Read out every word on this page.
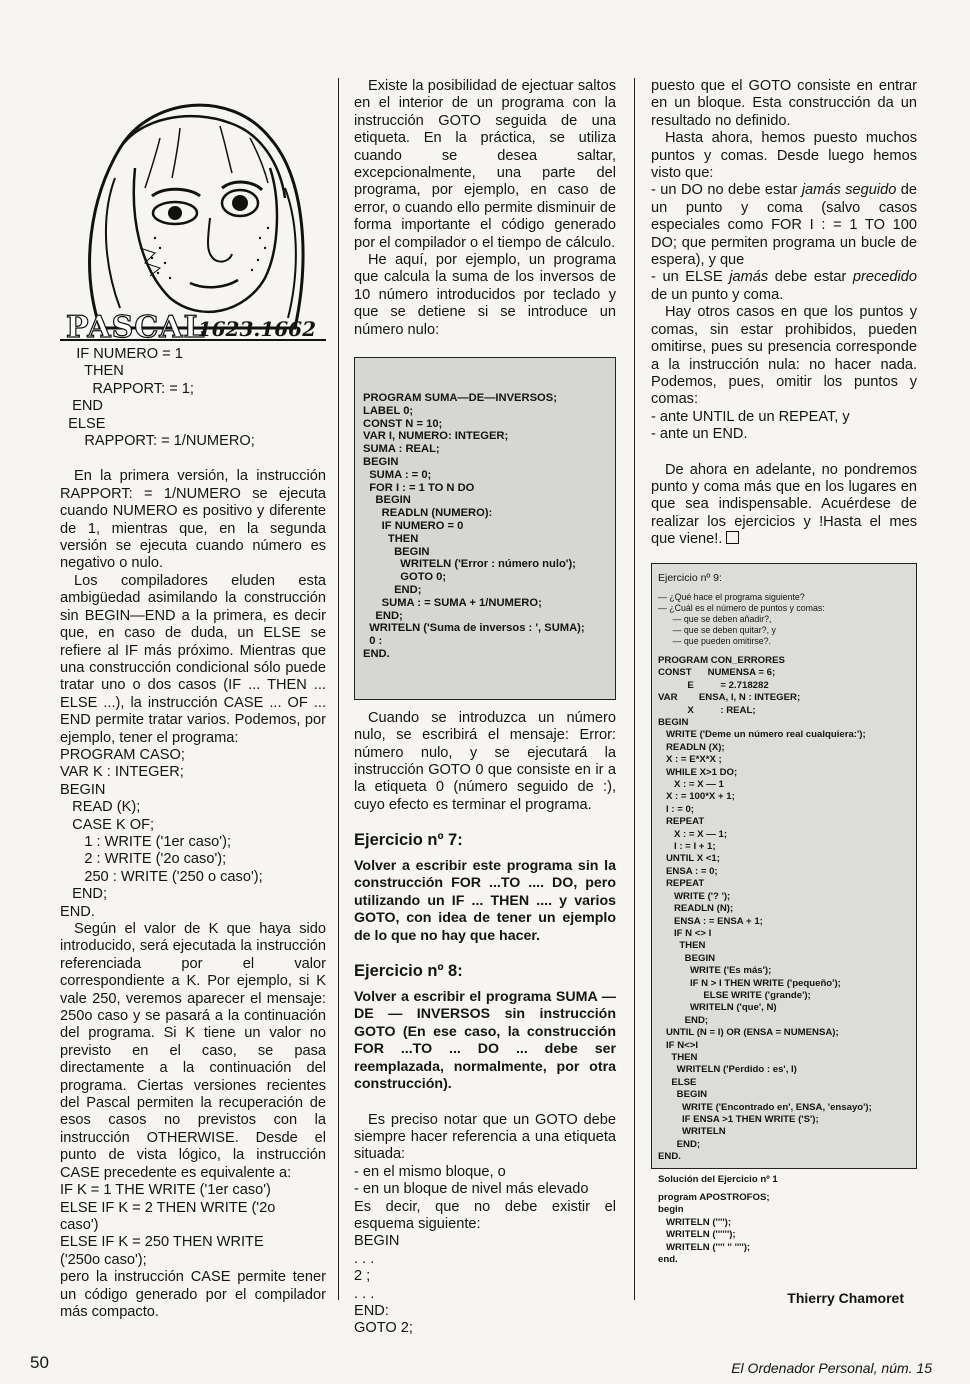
PASCAL
1623.1662

IF NUMERO = 1

THEN

RAPPORT: = 1;

END

ELSE

RAPPORT: = 1/NUMERO;

En la primera versión, la instrucción RAPPORT: = 1/NUMERO se ejecuta cuando NUMERO es positivo y diferente de 1, mientras que, en la segunda versión se ejecuta cuando número es negativo o nulo.

Los compiladores eluden esta ambigüedad asimilando la construcción sin BEGIN—END a la primera, es decir que, en caso de duda, un ELSE se refiere al IF más próximo. Mientras que una construcción condicional sólo puede tratar uno o dos casos (IF ... THEN ... ELSE ...), la instrucción CASE ... OF ... END permite tratar varios. Podemos, por ejemplo, tener el programa:

PROGRAM CASO;

VAR K : INTEGER;

BEGIN

READ (K);

CASE K OF;

1 : WRITE ('1er caso');

2 : WRITE ('2o caso');

250 : WRITE ('250 o caso');

END;

END.

Según el valor de K que haya sido introducido, será ejecutada la instrucción referenciada por el valor correspondiente a K. Por ejemplo, si K vale 250, veremos aparecer el mensaje: 250o caso y se pasará a la continuación del programa. Si K tiene un valor no previsto en el caso, se pasa directamente a la continuación del programa. Ciertas versiones recientes del Pascal permiten la recuperación de esos casos no previstos con la instrucción OTHERWISE. Desde el punto de vista lógico, la instrucción CASE precedente es equivalente a:

IF K = 1 THE WRITE ('1er caso')

ELSE IF K = 2 THEN WRITE ('2o

caso')

ELSE IF K = 250 THEN WRITE

('250o caso');

pero la instrucción CASE permite tener un código generado por el compilador más compacto.

Existe la posibilidad de ejectuar saltos en el interior de un programa con la instrucción GOTO seguida de una etiqueta. En la práctica, se utiliza cuando se desea saltar, excepcionalmente, una parte del programa, por ejemplo, en caso de error, o cuando ello permite disminuir de forma importante el código generado por el compilador o el tiempo de cálculo.

He aquí, por ejemplo, un programa que calcula la suma de los inversos de 10 número introducidos por teclado y que se detiene si se introduce un número nulo:

PROGRAM SUMA—DE—INVERSOS;

LABEL 0;

CONST N = 10;

VAR I, NUMERO: INTEGER;

SUMA : REAL;

BEGIN

SUMA : = 0;

FOR I : = 1 TO N DO

BEGIN

READLN (NUMERO):

IF NUMERO = 0

THEN

BEGIN

WRITELN ('Error : número nulo');

GOTO 0;

END;

SUMA : = SUMA + 1/NUMERO;

END;

WRITELN ('Suma de inversos : ', SUMA);

0 :

END.

Cuando se introduzca un número nulo, se escribirá el mensaje: Error: número nulo, y se ejecutará la instrucción GOTO 0 que consiste en ir a la etiqueta 0 (número seguido de :), cuyo efecto es terminar el programa.

Ejercicio nº 7:

Volver a escribir este programa sin la construcción FOR ...TO .... DO, pero utilizando un IF ... THEN .... y varios GOTO, con idea de tener un ejemplo de lo que no hay que hacer.

Ejercicio nº 8:

Volver a escribir el programa SUMA — DE — INVERSOS sin instrucción GOTO (En ese caso, la construcción FOR ...TO ... DO ... debe ser reemplazada, normalmente, por otra construcción).

Es preciso notar que un GOTO debe siempre hacer referencia a una etiqueta situada:

- en el mismo bloque, o

- en un bloque de nivel más elevado

Es decir, que no debe existir el esquema siguiente:

BEGIN

. . .

2 ;

. . .

END:

GOTO 2;

puesto que el GOTO consiste en entrar en un bloque. Esta construcción da un resultado no definido.

Hasta ahora, hemos puesto muchos puntos y comas. Desde luego hemos visto que:

- un DO no debe estar jamás seguido de un punto y coma (salvo casos especiales como FOR I : = 1 TO 100 DO; que permiten programa un bucle de espera), y que

- un ELSE jamás debe estar precedido de un punto y coma.

Hay otros casos en que los puntos y comas, sin estar prohibidos, pueden omitirse, pues su presencia corresponde a la instrucción nula: no hacer nada. Podemos, pues, omitir los puntos y comas:

- ante UNTIL de un REPEAT, y

- ante un END.

De ahora en adelante, no pondremos punto y coma más que en los lugares en que sea indispensable. Acuérdese de realizar los ejercicios y !Hasta el mes que viene!.

Ejercicio nº 9:

— ¿Qué hace el programa siguiente?

— ¿Cuál es el número de puntos y comas:

— que se deben añadir?,

— que se deben quitar?, y

— que pueden omitirse?.

PROGRAM CON_ERRORES

CONST      NUMENSA = 6;

E          = 2.718282

VAR        ENSA, I, N : INTEGER;

X          : REAL;

BEGIN

WRITE ('Deme un número real cualquiera:');

READLN (X);

X : = E*X*X ;

WHILE X>1 DO;

X : = X — 1

X : = 100*X + 1;

I : = 0;

REPEAT

X : = X — 1;

I : = I + 1;

UNTIL X <1;

ENSA : = 0;

REPEAT

WRITE ('? ');

READLN (N);

ENSA : = ENSA + 1;

IF N <> I

THEN

BEGIN

WRITE ('Es más');

IF N > I THEN WRITE ('pequeño');

ELSE WRITE ('grande');

WRITELN ('que', N)

END;

UNTIL (N = I) OR (ENSA = NUMENSA);

IF N<>I

THEN

WRITELN ('Perdido : es', I)

ELSE

BEGIN

WRITE ('Encontrado en', ENSA, 'ensayo');

IF ENSA >1 THEN WRITE ('S');

WRITELN

END;

END.

Solución del Ejercicio nº 1

program APOSTROFOS;

begin

WRITELN ('''');

WRITELN ('''''');

WRITELN ('''' '' '''');

end.

Thierry Chamoret
50	El Ordenador Personal, núm. 15
